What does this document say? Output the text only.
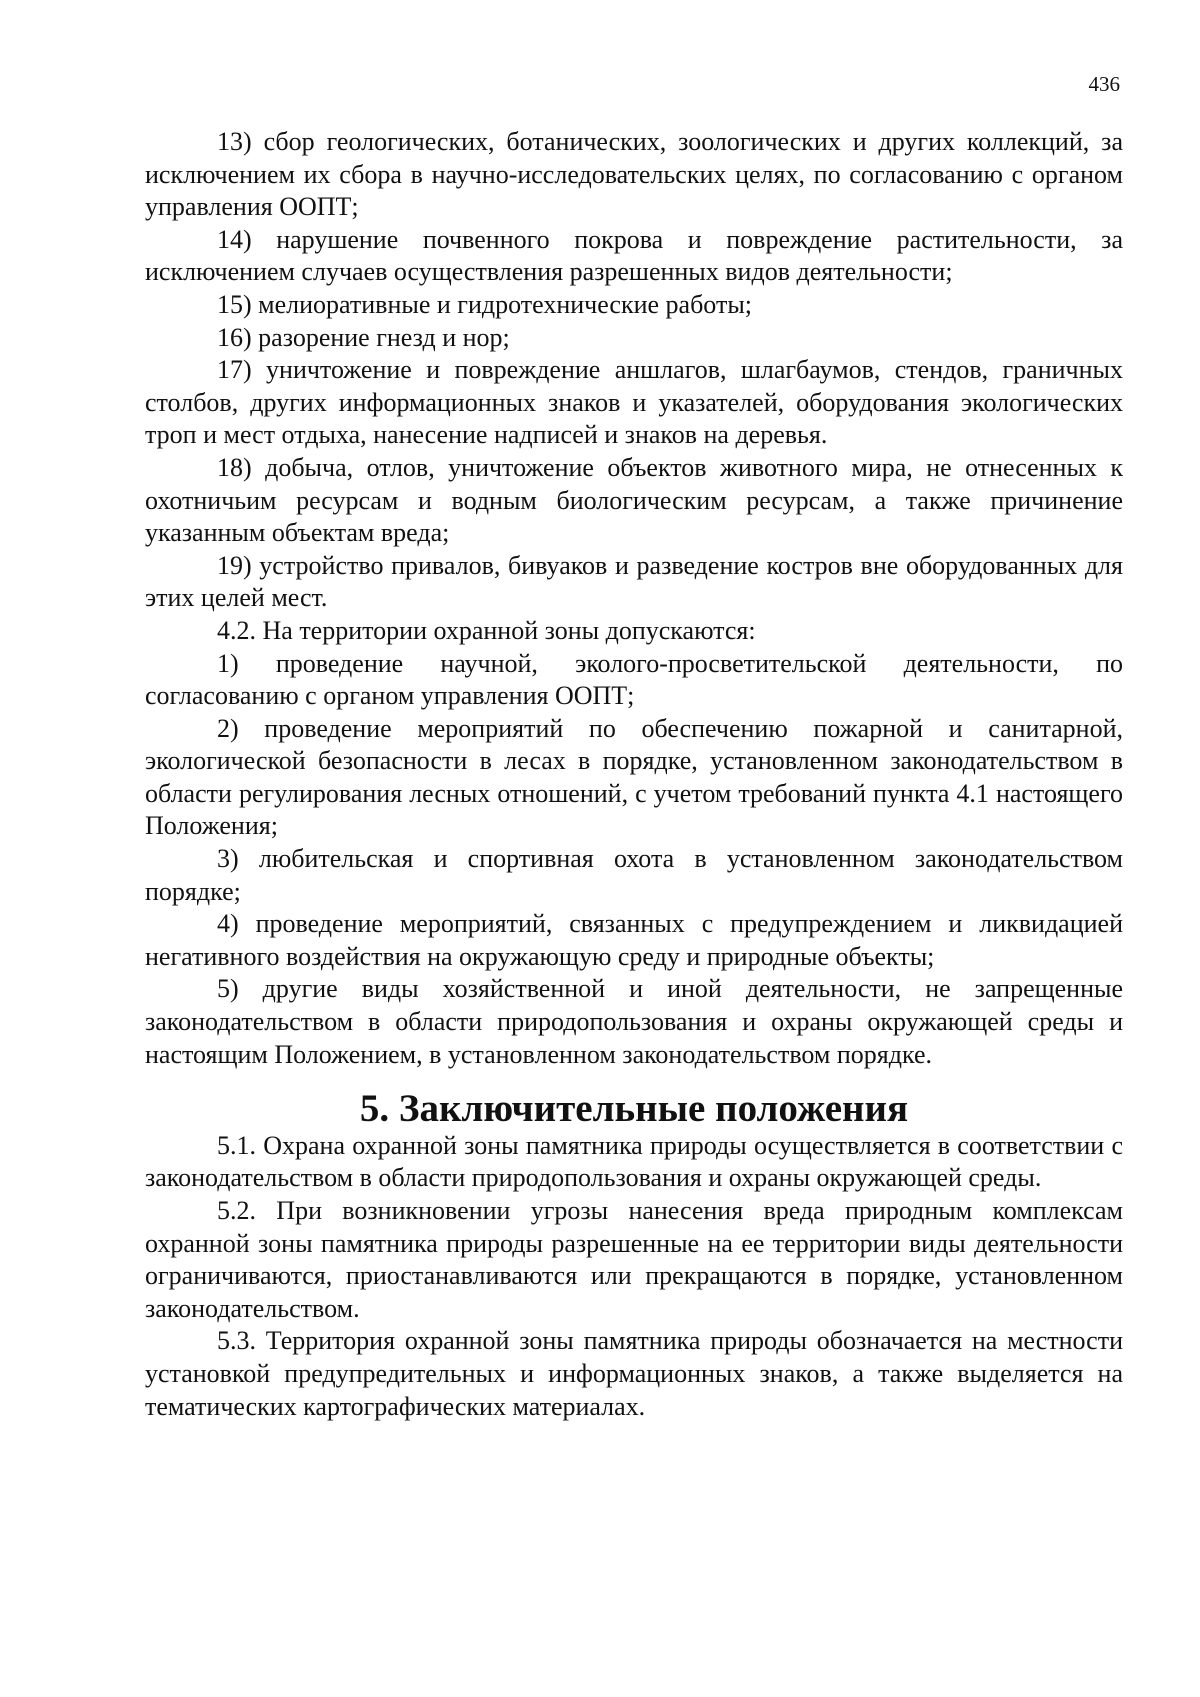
436

13) сбор геологических, ботанических, зоологических и других коллекций, за исключением их сбора в научно-исследовательских целях, по согласованию с органом управления ООПТ;

14) нарушение почвенного покрова и повреждение растительности, за исключением случаев осуществления разрешенных видов деятельности;

15) мелиоративные и гидротехнические работы;

16) разорение гнезд и нор;

17) уничтожение и повреждение аншлагов, шлагбаумов, стендов, граничных столбов, других информационных знаков и указателей, оборудования экологических троп и мест отдыха, нанесение надписей и знаков на деревья.

18) добыча, отлов, уничтожение объектов животного мира, не отнесенных к охотничьим ресурсам и водным биологическим ресурсам, а также причинение указанным объектам вреда;

19) устройство привалов, бивуаков и разведение костров вне оборудованных для этих целей мест.

4.2. На территории охранной зоны допускаются:

1) проведение научной, эколого-просветительской деятельности, по согласованию с органом управления ООПТ;

2) проведение мероприятий по обеспечению пожарной и санитарной, экологической безопасности в лесах в порядке, установленном законодательством в области регулирования лесных отношений, с учетом требований пункта 4.1 настоящего Положения;

3) любительская и спортивная охота в установленном законодательством порядке;

4) проведение мероприятий, связанных с предупреждением и ликвидацией негативного воздействия на окружающую среду и природные объекты;

5) другие виды хозяйственной и иной деятельности, не запрещенные законодательством в области природопользования и охраны окружающей среды и настоящим Положением, в установленном законодательством порядке.

5. Заключительные положения

5.1. Охрана охранной зоны памятника природы осуществляется в соответствии с законодательством в области природопользования и охраны окружающей среды.

5.2. При возникновении угрозы нанесения вреда природным комплексам охранной зоны памятника природы разрешенные на ее территории виды деятельности ограничиваются, приостанавливаются или прекращаются в порядке, установленном законодательством.

5.3. Территория охранной зоны памятника природы обозначается на местности установкой предупредительных и информационных знаков, а также выделяется на тематических картографических материалах.
